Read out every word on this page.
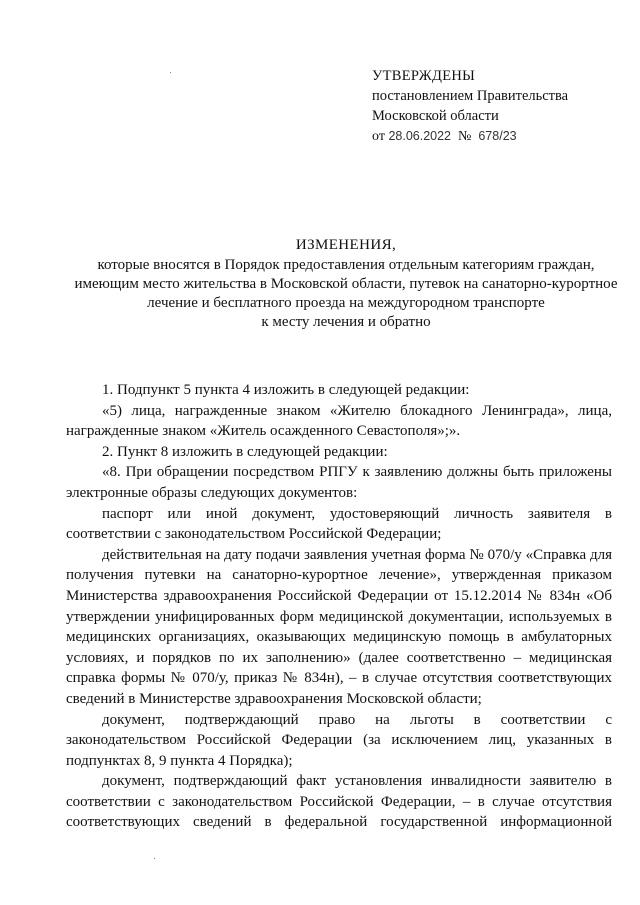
УТВЕРЖДЕНЫ
постановлением Правительства
Московской области
от 28.06.2022 № 678/23
ИЗМЕНЕНИЯ,
которые вносятся в Порядок предоставления отдельным категориям граждан,
имеющим место жительства в Московской области, путевок на санаторно-курортное
лечение и бесплатного проезда на междугородном транспорте
к месту лечения и обратно

1. Подпункт 5 пункта 4 изложить в следующей редакции:

«5) лица, награжденные знаком «Жителю блокадного Ленинграда», лица, награжденные знаком «Житель осажденного Севастополя»;».

2. Пункт 8 изложить в следующей редакции:

«8. При обращении посредством РПГУ к заявлению должны быть приложены электронные образы следующих документов:

паспорт или иной документ, удостоверяющий личность заявителя в соответствии с законодательством Российской Федерации;

действительная на дату подачи заявления учетная форма № 070/у «Справка для получения путевки на санаторно-курортное лечение», утвержденная приказом Министерства здравоохранения Российской Федерации от 15.12.2014 № 834н «Об утверждении унифицированных форм медицинской документации, используемых в медицинских организациях, оказывающих медицинскую помощь в амбулаторных условиях, и порядков по их заполнению» (далее соответственно – медицинская справка формы № 070/у, приказ № 834н), – в случае отсутствия соответствующих сведений в Министерстве здравоохранения Московской области;

документ, подтверждающий право на льготы в соответствии с законодательством Российской Федерации (за исключением лиц, указанных в подпунктах 8, 9 пункта 4 Порядка);

документ, подтверждающий факт установления инвалидности заявителю в соответствии с законодательством Российской Федерации, – в случае отсутствия соответствующих сведений в федеральной государственной информационной
